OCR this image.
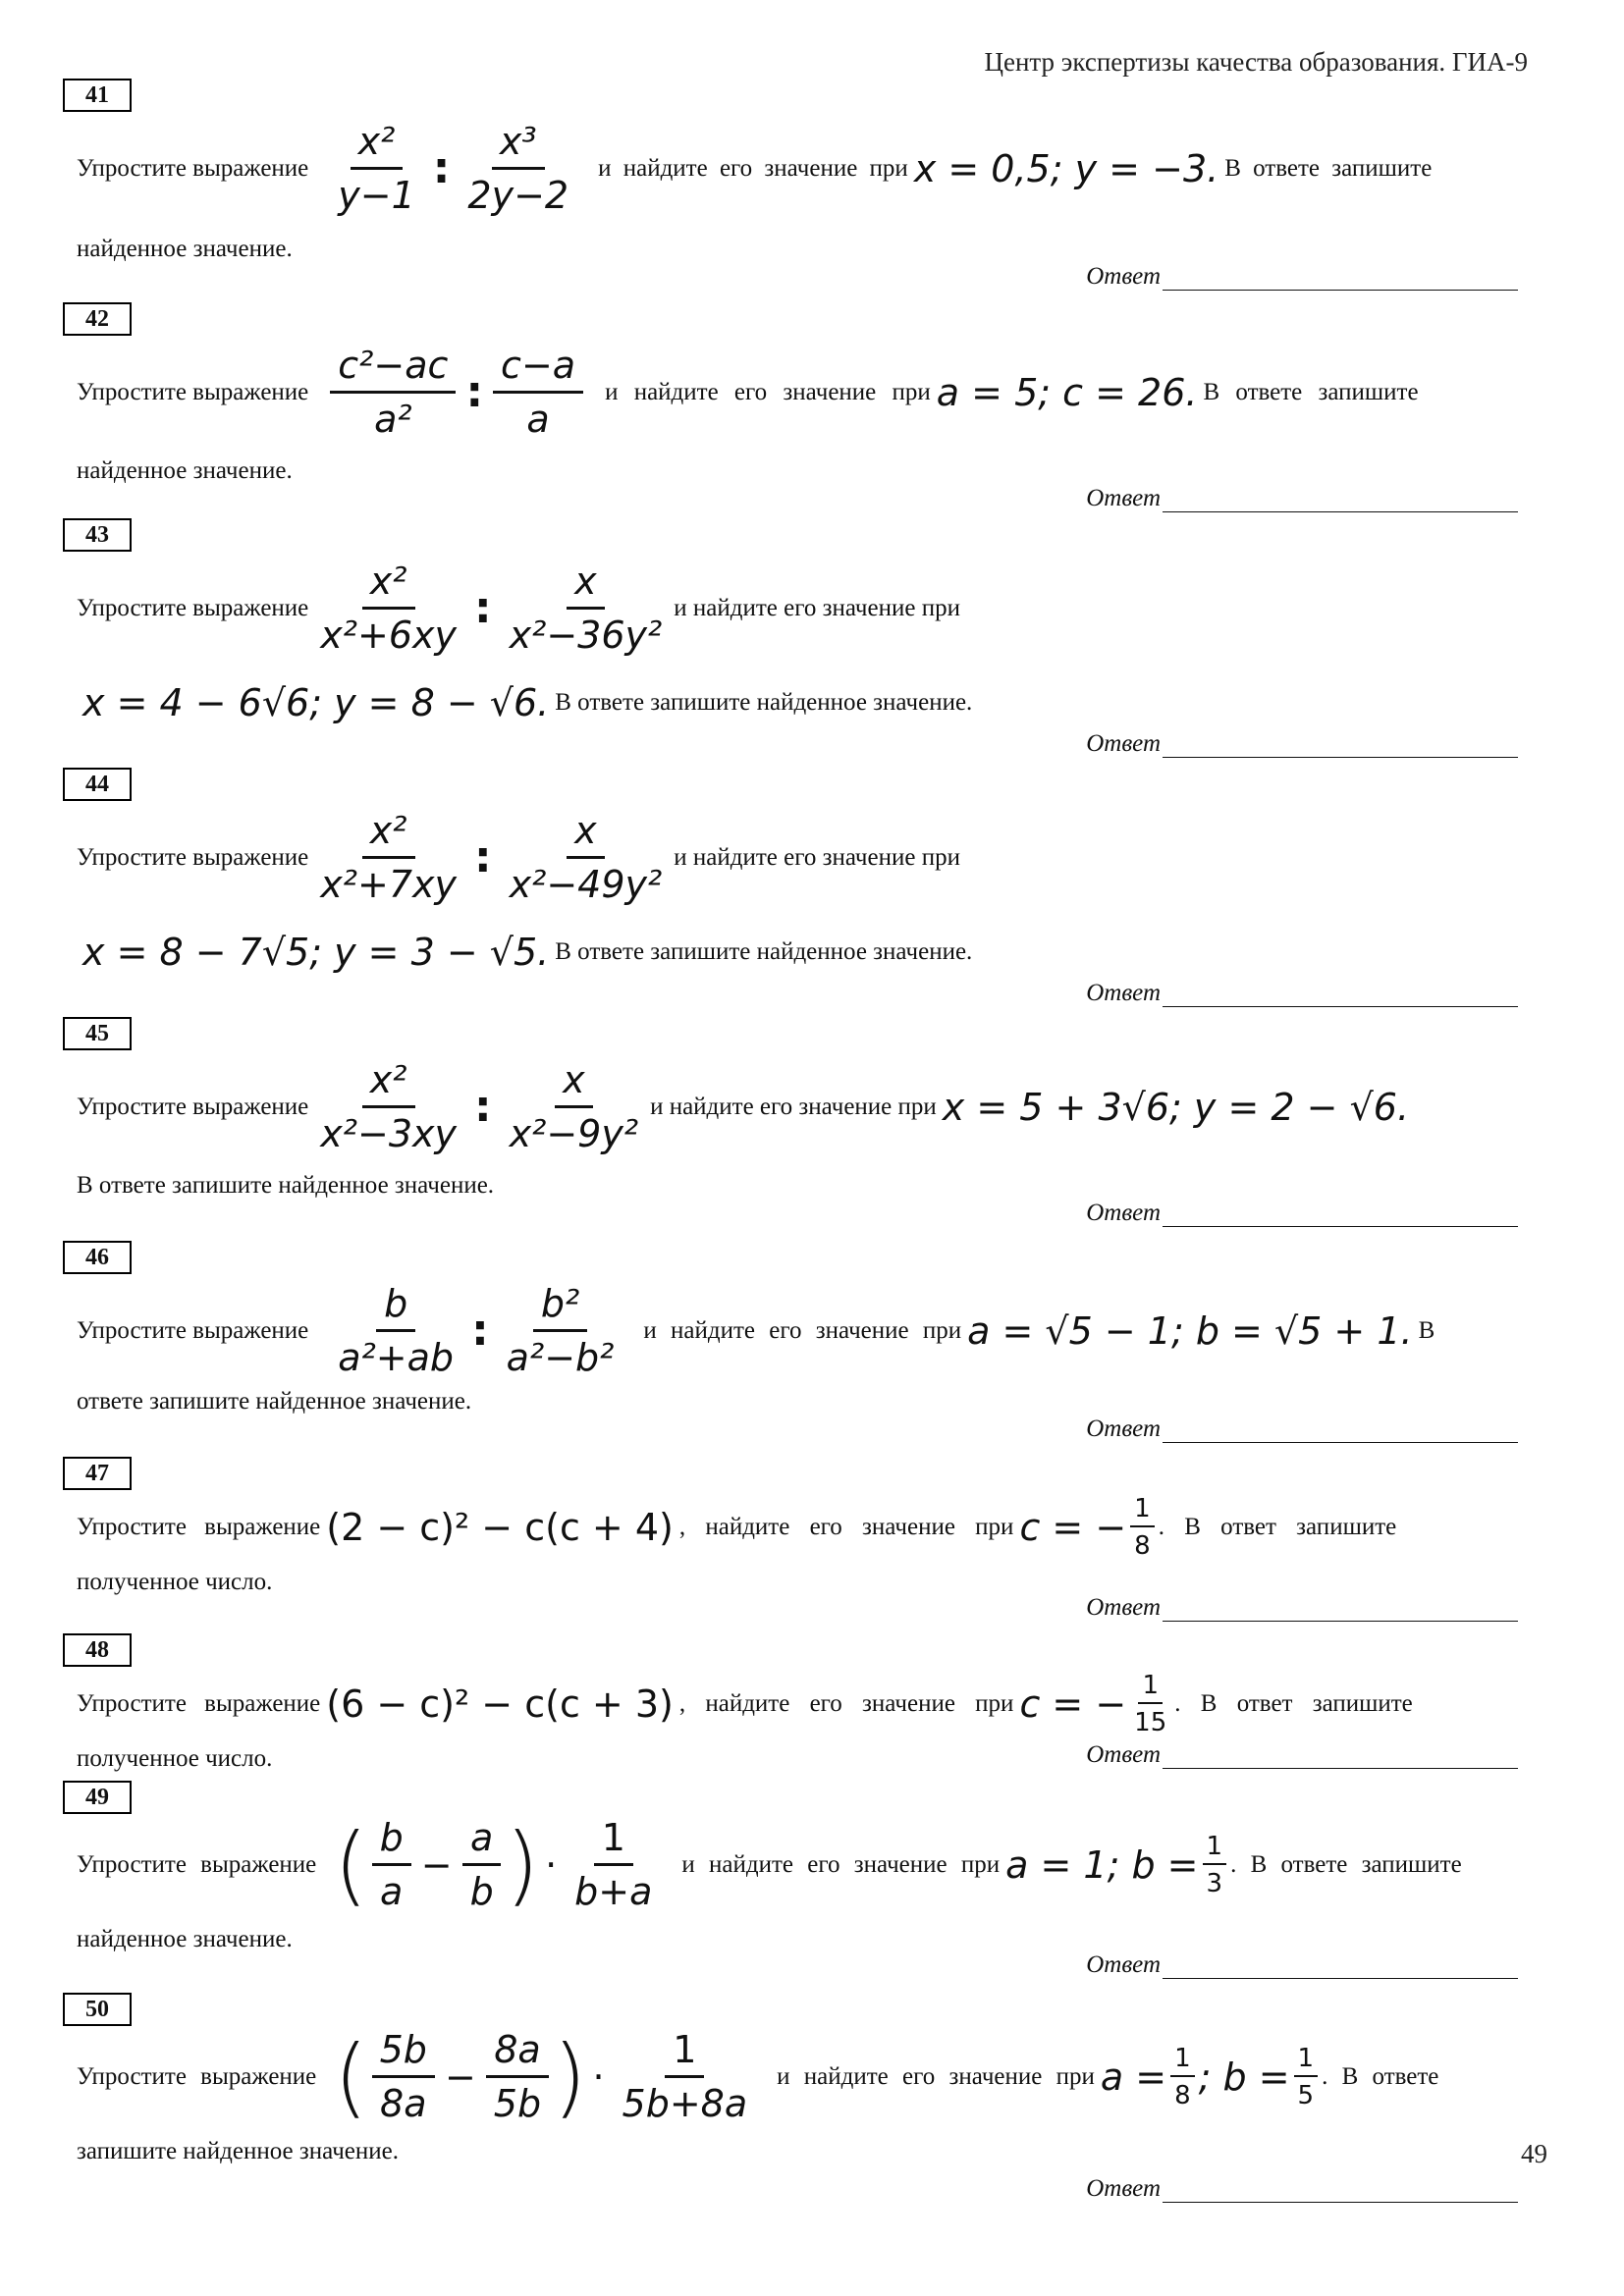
Центр экспертизы качества образования. ГИА-9
41
Упростите выражение $\frac{\text{x²}}{y-1}$ : $\frac{\text{x³}}{2y-2}$ и найдите его значение при x = 0,5; y = −3. В ответе запишите
найденное значение.
Ответ
42
Упростите выражение $\frac{\text{c²−ac}}{\text{a²}}$ : $\frac{c-a}{a}$ и найдите его значение при a = 5; c = 26. В ответе запишите
найденное значение.
Ответ
43
Упростите выражение $\frac{\text{x²}}{\text{x²+6xy}}$ : $\frac{x}{\text{x²−36y²}}$ и найдите его значение при
x = 4 − 6√6; y = 8 − √6. В ответе запишите найденное значение.
Ответ
44
Упростите выражение $\frac{\text{x²}}{\text{x²+7xy}}$ : $\frac{x}{\text{x²−49y²}}$ и найдите его значение при
x = 8 − 7√5; y = 3 − √5. В ответе запишите найденное значение.
Ответ
45
Упростите выражение $\frac{\text{x²}}{\text{x²−3xy}}$ : $\frac{x}{\text{x²−9y²}}$ и найдите его значение при x = 5 + 3√6; y = 2 − √6.
В ответе запишите найденное значение.
Ответ
46
Упростите выражение $\frac{b}{\text{a²+ab}}$ : $\frac{\text{b²}}{\text{a²−b²}}$ и найдите его значение при a = √5 − 1; b = √5 + 1. В
ответе запишите найденное значение.
Ответ
47
Упростите выражение (2 − c)² − c(c + 4) , найдите его значение при c = − $\frac{1}{8}$ . В ответ запишите
полученное число.
Ответ
48
Упростите выражение (6 − c)² − c(c + 3) , найдите его значение при c = − $\frac{1}{15}$ . В ответ запишите
полученное число.	Ответ
49
Упростите выражение ( $\frac{b}{a} - \frac{a}{b}$ ) · $\frac{1}{b+a}$ и найдите его значение при a = 1; $b = \frac{1}{3}$ . В ответе запишите
найденное значение.
Ответ
50
Упростите выражение ( $\frac{5b}{8a} - \frac{8a}{5b}$ ) · $\frac{1}{5b+8a}$ и найдите его значение при $a = \frac{1}{8}$ ; $b = \frac{1}{5}$ . В ответе
запишите найденное значение.
Ответ
49
